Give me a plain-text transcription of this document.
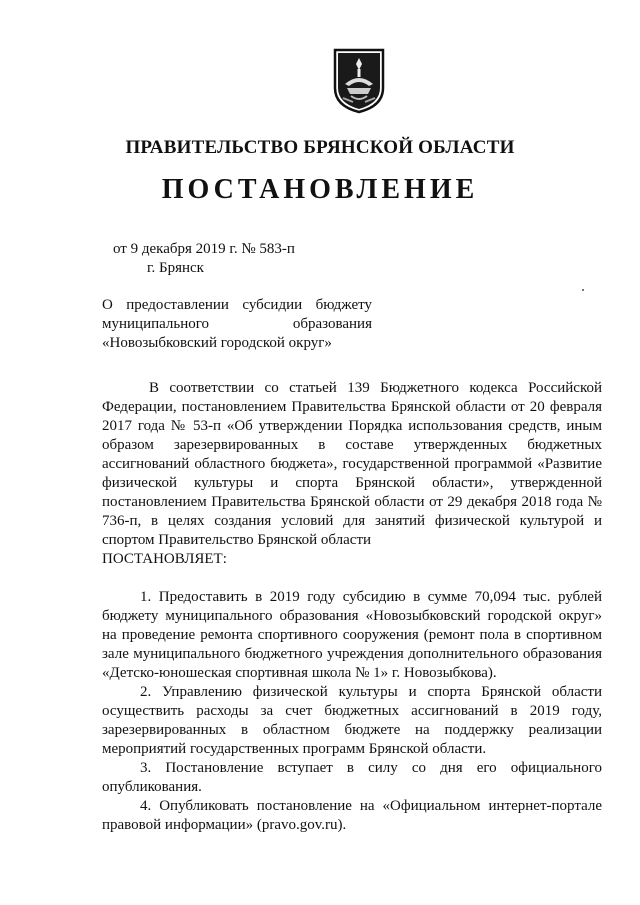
ПРАВИТЕЛЬСТВО БРЯНСКОЙ ОБЛАСТИ
ПОСТАНОВЛЕНИЕ
от 9 декабря 2019 г. № 583-п
г. Брянск
О предоставлении субсидии бюджету муниципального образования «Новозыбковский городской округ»

В соответствии со статьей 139 Бюджетного кодекса Российской Федерации, постановлением Правительства Брянской области от 20 февраля 2017 года № 53-п «Об утверждении Порядка использования средств, иным образом зарезервированных в составе утвержденных бюджетных ассигнований областного бюджета», государственной программой «Развитие физической культуры и спорта Брянской области», утвержденной постановлением Правительства Брянской области от 29 декабря 2018 года № 736-п, в целях создания условий для занятий физической культурой и спортом Правительство Брянской области

ПОСТАНОВЛЯЕТ:

1. Предоставить в 2019 году субсидию в сумме 70,094 тыс. рублей бюджету муниципального образования «Новозыбковский городской округ» на проведение ремонта спортивного сооружения (ремонт пола в спортивном зале муниципального бюджетного учреждения дополнительного образования «Детско-юношеская спортивная школа № 1» г. Новозыбкова).

2. Управлению физической культуры и спорта Брянской области осуществить расходы за счет бюджетных ассигнований в 2019 году, зарезервированных в областном бюджете на поддержку реализации мероприятий государственных программ Брянской области.

3. Постановление вступает в силу со дня его официального опубликования.

4. Опубликовать постановление на «Официальном интернет-портале правовой информации» (pravo.gov.ru).
